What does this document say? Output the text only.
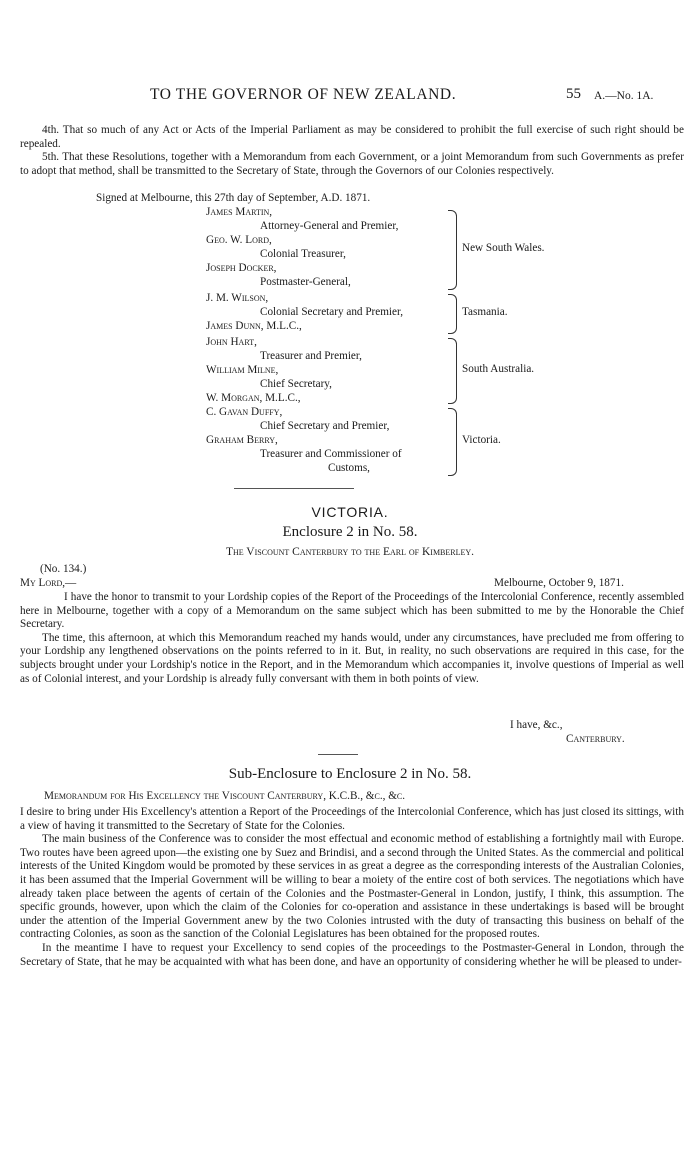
TO THE GOVERNOR OF NEW ZEALAND.	55 A.—No. 1A.

4th. That so much of any Act or Acts of the Imperial Parliament as may be considered to prohibit the full exercise of such right should be repealed.

5th. That these Resolutions, together with a Memorandum from each Government, or a joint Memorandum from such Governments as prefer to adopt that method, shall be transmitted to the Secretary of State, through the Governors of our Colonies respectively.

Signed at Melbourne, this 27th day of September, A.D. 1871.
James Martin,
Attorney-General and Premier,
Geo. W. Lord,
Colonial Treasurer,
Joseph Docker,
Postmaster-General,
J. M. Wilson,
Colonial Secretary and Premier,
James Dunn, M.L.C.,
John Hart,
Treasurer and Premier,
William Milne,
Chief Secretary,
W. Morgan, M.L.C.,
C. Gavan Duffy,
Chief Secretary and Premier,
Graham Berry,
Treasurer and Commissioner of
Customs,
New South Wales.
Tasmania.
South Australia.
Victoria.
VICTORIA.
Enclosure 2 in No. 58.
The Viscount Canterbury to the Earl of Kimberley.
(No. 134.)
My Lord,—	Melbourne, October 9, 1871.

I have the honor to transmit to your Lordship copies of the Report of the Proceedings of the Intercolonial Conference, recently assembled here in Melbourne, together with a copy of a Memorandum on the same subject which has been submitted to me by the Honorable the Chief Secretary.

The time, this afternoon, at which this Memorandum reached my hands would, under any circumstances, have precluded me from offering to your Lordship any lengthened observations on the points referred to in it. But, in reality, no such observations are required in this case, for the subjects brought under your Lordship's notice in the Report, and in the Memorandum which accompanies it, involve questions of Imperial as well as of Colonial interest, and your Lordship is already fully conversant with them in both points of view.

I have, &c.,
Canterbury.
Sub-Enclosure to Enclosure 2 in No. 58.
Memorandum for His Excellency the Viscount Canterbury, K.C.B., &c., &c.

I desire to bring under His Excellency's attention a Report of the Proceedings of the Intercolonial Conference, which has just closed its sittings, with a view of having it transmitted to the Secretary of State for the Colonies.

The main business of the Conference was to consider the most effectual and economic method of establishing a fortnightly mail with Europe. Two routes have been agreed upon—the existing one by Suez and Brindisi, and a second through the United States. As the commercial and political interests of the United Kingdom would be promoted by these services in as great a degree as the corresponding interests of the Australian Colonies, it has been assumed that the Imperial Government will be willing to bear a moiety of the entire cost of both services. The negotiations which have already taken place between the agents of certain of the Colonies and the Postmaster-General in London, justify, I think, this assumption. The specific grounds, however, upon which the claim of the Colonies for co-operation and assistance in these undertakings is based will be brought under the attention of the Imperial Government anew by the two Colonies intrusted with the duty of transacting this business on behalf of the contracting Colonies, as soon as the sanction of the Colonial Legislatures has been obtained for the proposed routes.

In the meantime I have to request your Excellency to send copies of the proceedings to the Postmaster-General in London, through the Secretary of State, that he may be acquainted with what has been done, and have an opportunity of considering whether he will be pleased to under-
